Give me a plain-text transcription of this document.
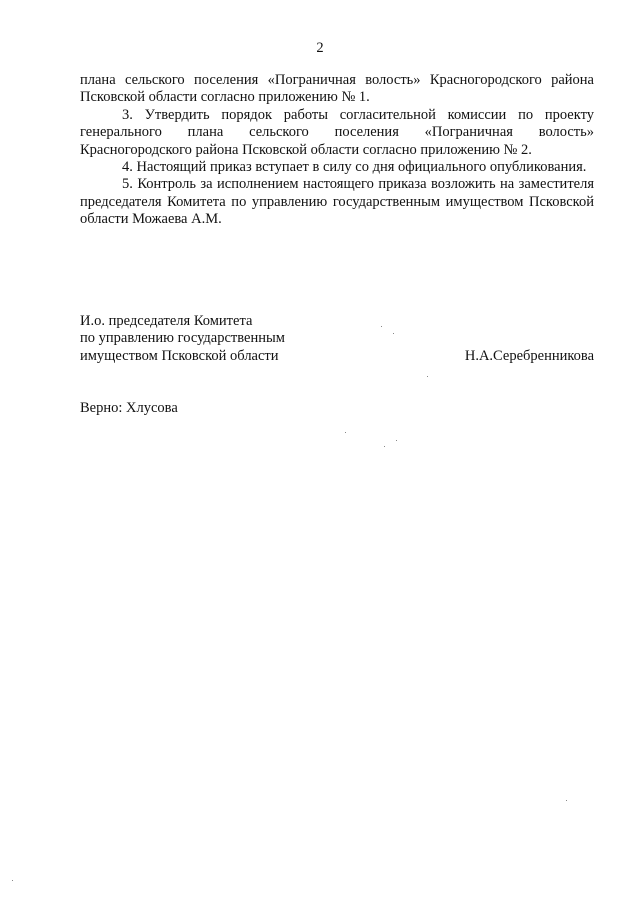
2

плана сельского поселения «Пограничная волость» Красногородского района Псковской области согласно приложению № 1.

3. Утвердить порядок работы согласительной комиссии по проекту генерального плана сельского поселения «Пограничная волость» Красногородского района Псковской области согласно приложению № 2.

4. Настоящий приказ вступает в силу со дня официального опубликования.

5. Контроль за исполнением настоящего приказа возложить на заместителя председателя Комитета по управлению государственным имуществом Псковской области Можаева А.М.

И.о. председателя Комитета
по управлению государственным
имуществом Псковской области	Н.А.Серебренникова
Верно: Хлусова
